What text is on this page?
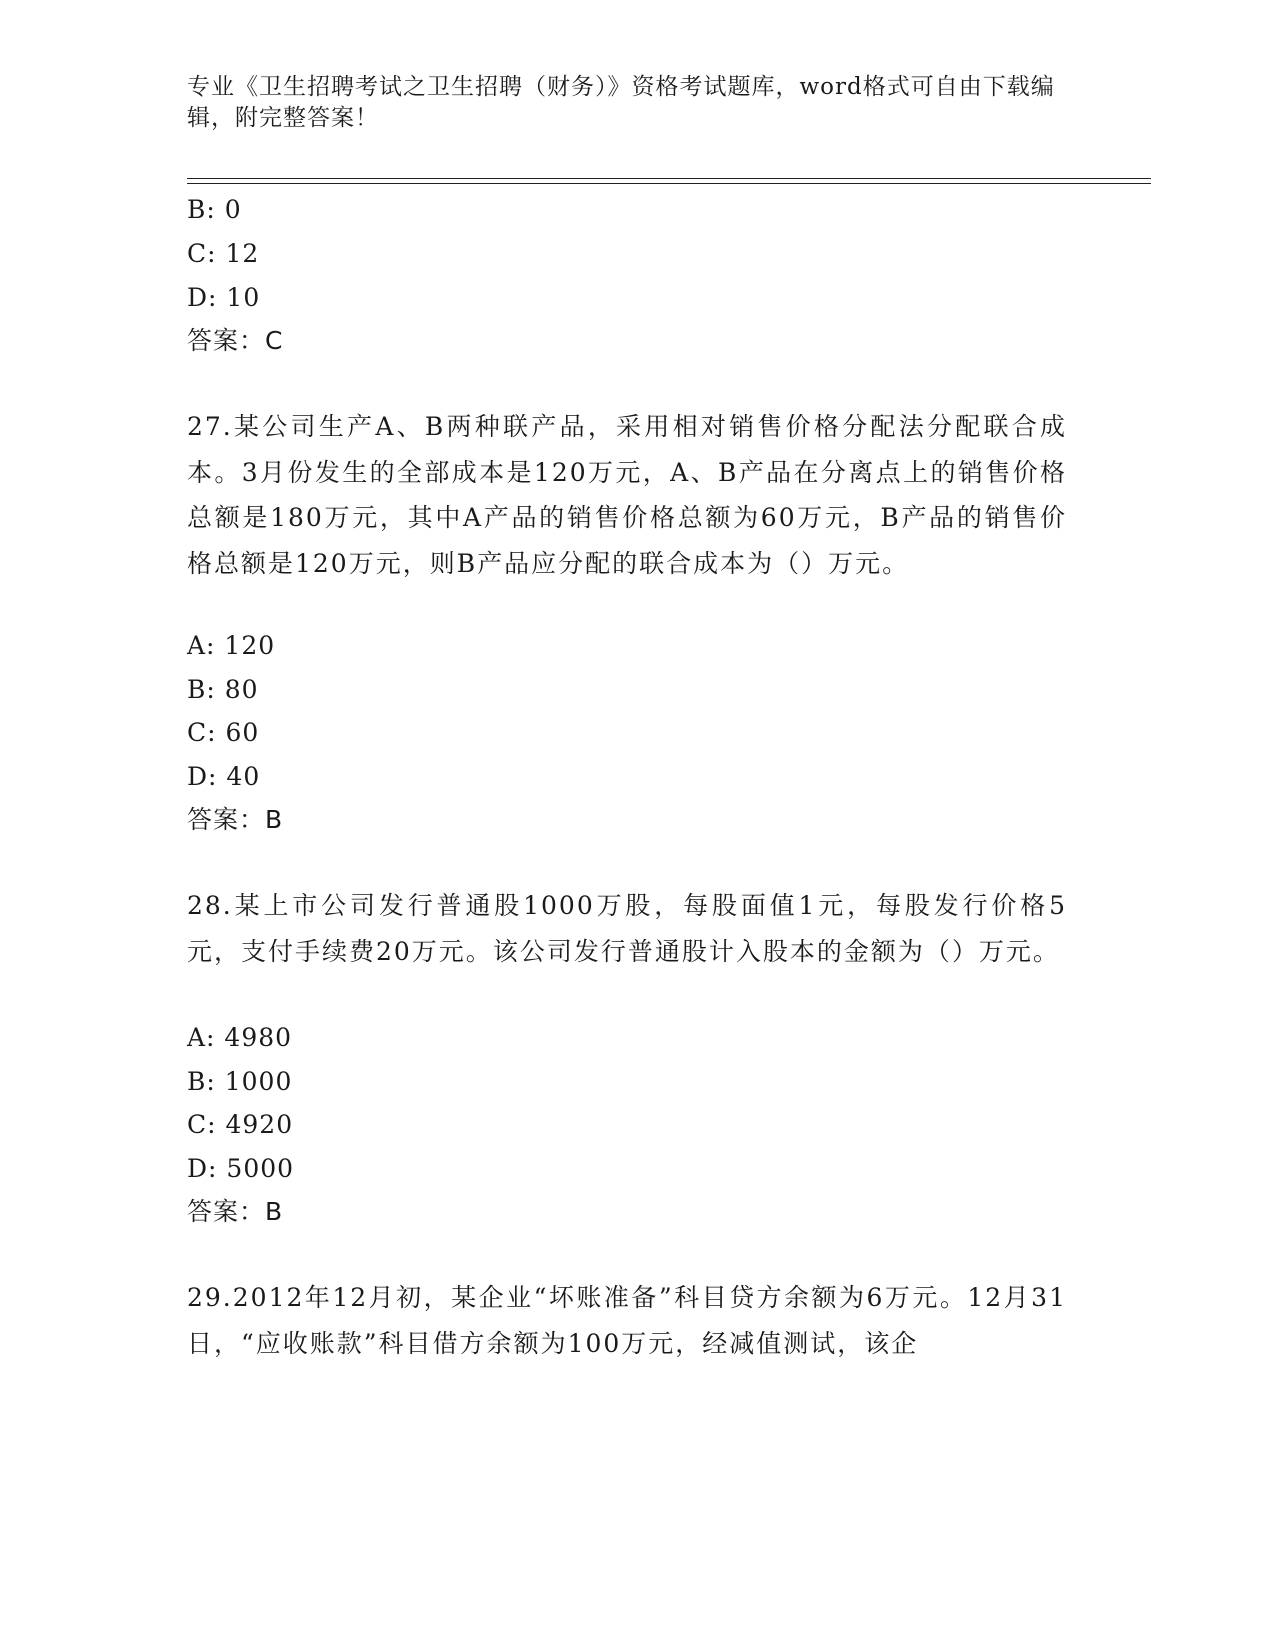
专业《卫生招聘考试之卫生招聘（财务）》资格考试题库，word格式可自由下载编辑，附完整答案！
B: 0
C: 12
D: 10
答案：C
27.某公司生产A、B两种联产品，采用相对销售价格分配法分配联合成本。3月份发生的全部成本是120万元，A、B产品在分离点上的销售价格总额是180万元，其中A产品的销售价格总额为60万元，B产品的销售价格总额是120万元，则B产品应分配的联合成本为（）万元。
A: 120
B: 80
C: 60
D: 40
答案：B
28.某上市公司发行普通股1000万股，每股面值1元，每股发行价格5元，支付手续费20万元。该公司发行普通股计入股本的金额为（）万元。
A: 4980
B: 1000
C: 4920
D: 5000
答案：B
29.2012年12月初，某企业“坏账准备”科目贷方余额为6万元。12月31日，“应收账款”科目借方余额为100万元，经减值测试，该企
